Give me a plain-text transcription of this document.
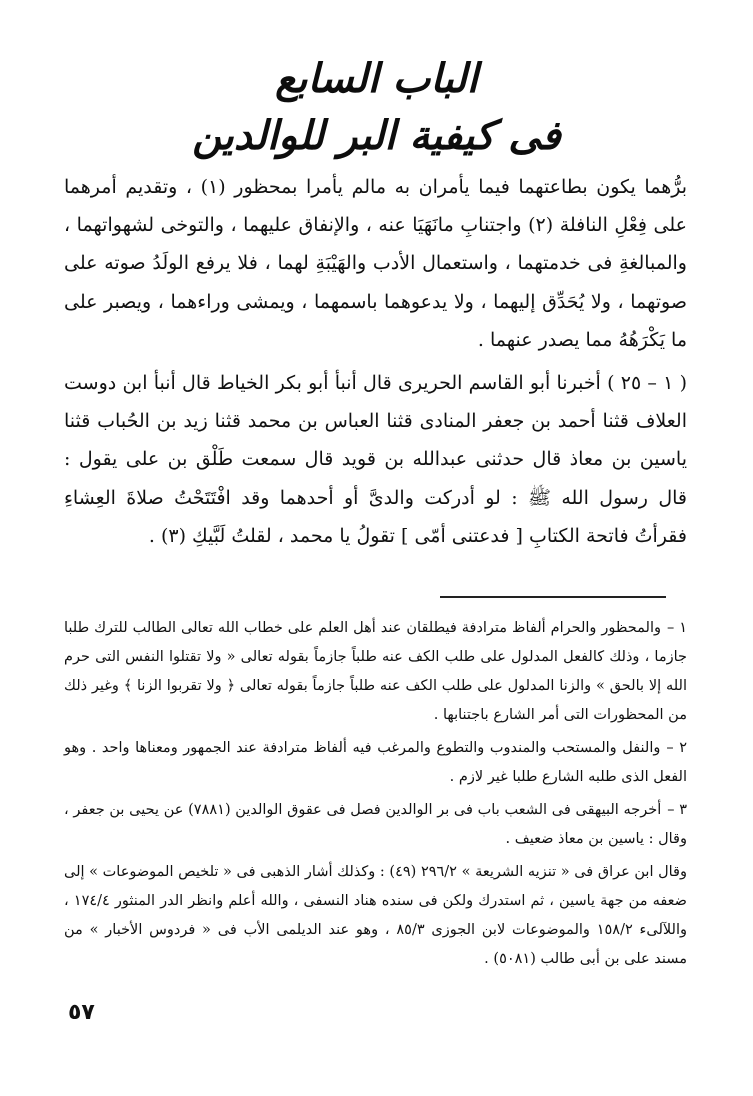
الباب السابع

فى كيفية البر للوالدين

برُّهما يكون بطاعتهما فيما يأمران به مالم يأمرا بمحظور (١) ، وتقديم أمرهما على فِعْلِ النافلة (٢) واجتنابِ مانَهَيَا عنه ، والإنفاق عليهما ، والتوخى لشهواتهما ، والمبالغةِ فى خدمتهما ، واستعمال الأدب والهَيْبَةِ لهما ، فلا يرفع الولَدُ صوته على صوتهما ، ولا يُحَدِّق إليهما ، ولا يدعوهما باسمهما ، ويمشى وراءهما ، ويصبر على ما يَكْرَهُهُ مما يصدر عنهما .

( ١ – ٢٥ ) أخبرنا أبو القاسم الحريرى قال أنبأ أبو بكر الخياط قال أنبأ ابن دوست العلاف قثنا أحمد بن جعفر المنادى قثنا العباس بن محمد قثنا زيد بن الحُباب قثنا ياسين بن معاذ قال حدثنى عبدالله بن قويد قال سمعت طَلْق بن على يقول : قال رسول الله ﷺ : لو أدركت والدىَّ أو أحدهما وقد افْتَتَحْتُ صلاةَ العِشاءِ فقرأتُ فاتحة الكتابِ [ فدعتنى أمّى ] تقولُ يا محمد ، لقلتُ لَبَّيكِ (٣) .

١ –والمحظور والحرام ألفاظ مترادفة فيطلقان عند أهل العلم على خطاب الله تعالى الطالب للترك طلبا جازما ، وذلك كالفعل المدلول على طلب الكف عنه طلباً جازماً بقوله تعالى « ولا تقتلوا النفس التى حرم الله إلا بالحق » والزنا المدلول على طلب الكف عنه طلباً جازماً بقوله تعالى ﴿ ولا تقربوا الزنا ﴾ وغير ذلك من المحظورات التى أمر الشارع باجتنابها .

٢ –والنفل والمستحب والمندوب والتطوع والمرغب فيه ألفاظ مترادفة عند الجمهور ومعناها واحد . وهو الفعل الذى طلبه الشارع طلبا غير لازم .

٣ –أخرجه البيهقى فى الشعب باب فى بر الوالدين فصل فى عقوق الوالدين (٧٨٨١) عن يحيى بن جعفر ، وقال : ياسين بن معاذ ضعيف .

وقال ابن عراق فى « تنزيه الشريعة » ٢٩٦/٢ (٤٩) : وكذلك أشار الذهبى فى « تلخيص الموضوعات » إلى ضعفه من جهة ياسين ، ثم استدرك ولكن فى سنده هناد النسفى ، والله أعلم وانظر الدر المنثور ١٧٤/٤ ، واللآلىء ١٥٨/٢ والموضوعات لابن الجوزى ٨٥/٣ ، وهو عند الديلمى الأب فى « فردوس الأخبار » من مسند على بن أبى طالب (٥٠٨١) .

٥٧
